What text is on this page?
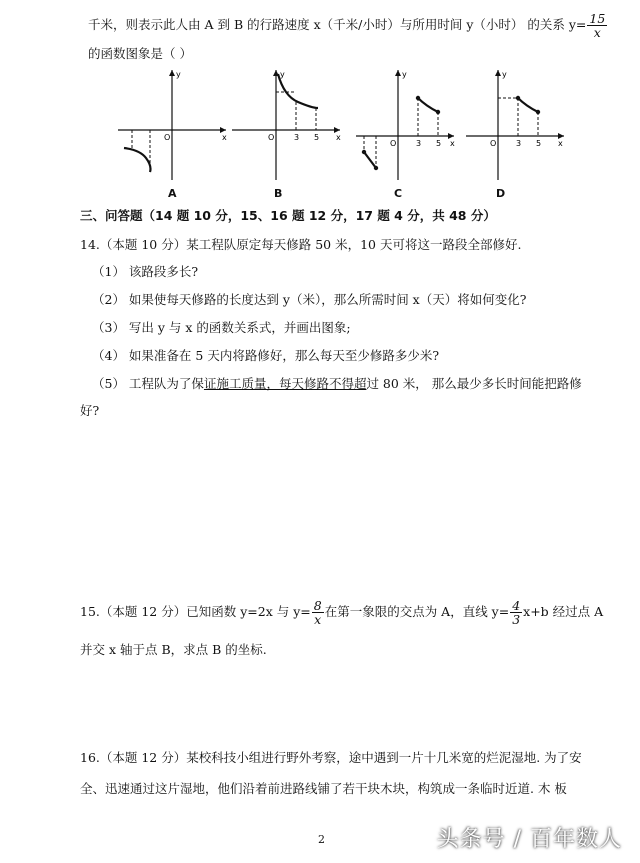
千米，则表示此人由 A 到 B 的行路速度 x（千米/小时）与所用时间 y（小时） 的关系 $y= \frac{15}{x}$
的函数图象是（ ）
O	x
y
A
O 3 5 x
y
B
O 3 5 x
y
C
O 3 5 x
y
D
三、问答题（14 题 10 分，15、16 题 12 分，17 题 4 分，共 48 分）
14.（本题 10 分）某工程队原定每天修路 50 米，10 天可将这一路段全部修好.
（1） 该路段多长?
（2） 如果使每天修路的长度达到 y（米），那么所需时间 x（天）将如何变化?
（3） 写出 y 与 x 的函数关系式，并画出图象;
（4） 如果准备在 5 天内将路修好，那么每天至少修路多少米?
（5） 工程队为了保证施工质量，每天修路不得超过 80 米， 那么最少多长时间能把路修
好?
15.（本题 12 分）已知函数 y=2x 与 $y= \frac{8}{x}$ 在第一象限的交点为 A，直线 $y= \frac{4}{3} x+b$ 经过点 A
并交 x 轴于点 B，求点 B 的坐标.
16.（本题 12 分）某校科技小组进行野外考察，途中遇到一片十几米宽的烂泥湿地. 为了安
全、迅速通过这片湿地，他们沿着前进路线铺了若干块木块，构筑成一条临时近道. 木 板
2	头条号 / 百年数人
